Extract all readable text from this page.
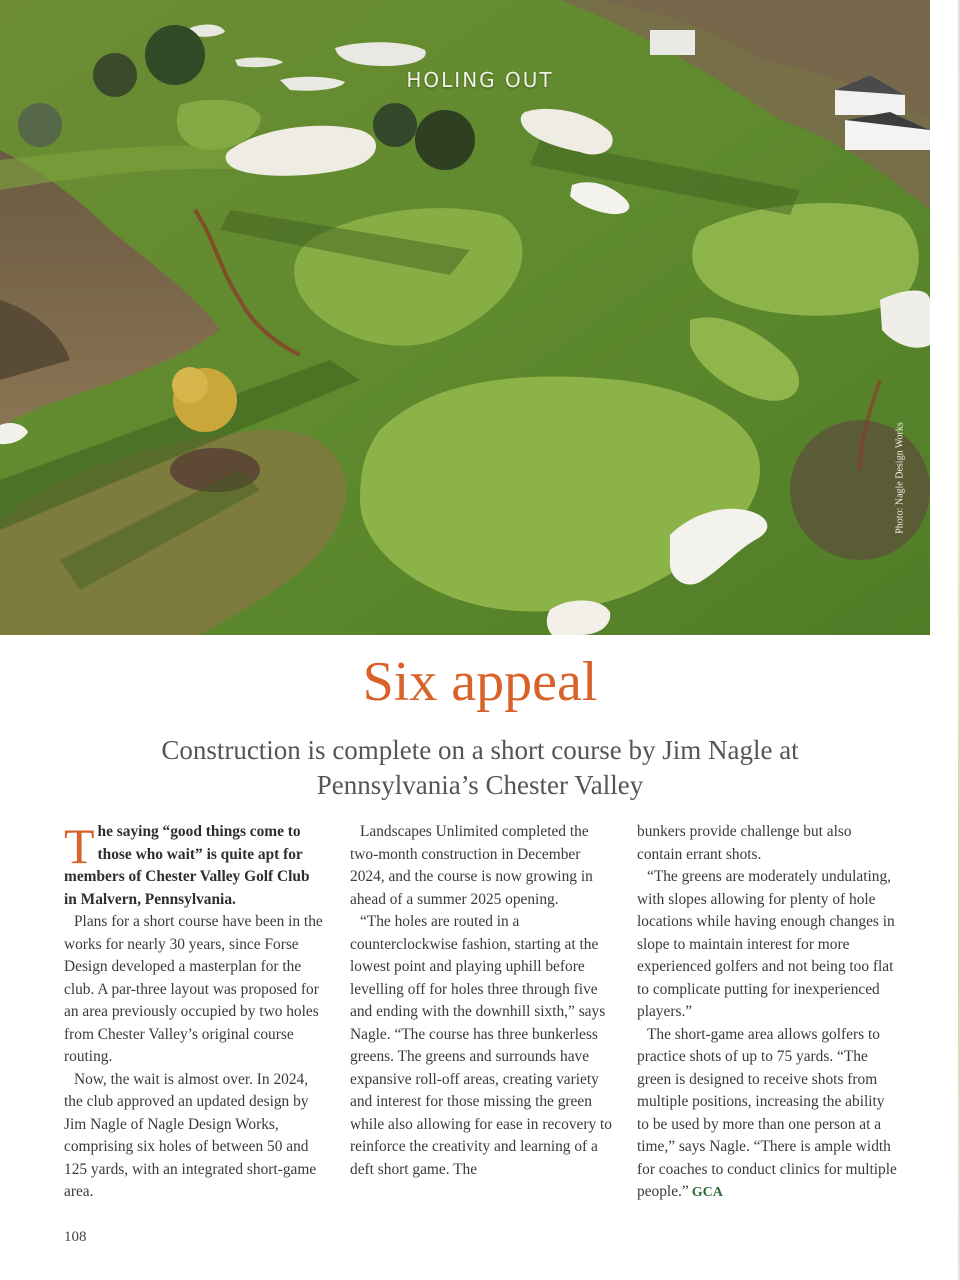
HOLING OUT
Photo: Nagle Design Works
Six appeal

Construction is complete on a short course by Jim Nagle at Pennsylvania’s Chester Valley

The saying “good things come to those who wait” is quite apt for members of Chester Valley Golf Club in Malvern, Pennsylvania.

Plans for a short course have been in the works for nearly 30 years, since Forse Design developed a masterplan for the club. A par-three layout was proposed for an area previously occupied by two holes from Chester Valley’s original course routing.

Now, the wait is almost over. In 2024, the club approved an updated design by Jim Nagle of Nagle Design Works, comprising six holes of between 50 and 125 yards, with an integrated short-game area.

Landscapes Unlimited completed the two-month construction in December 2024, and the course is now growing in ahead of a summer 2025 opening.

“The holes are routed in a counterclockwise fashion, starting at the lowest point and playing uphill before levelling off for holes three through five and ending with the downhill sixth,” says Nagle. “The course has three bunkerless greens. The greens and surrounds have expansive roll-off areas, creating variety and interest for those missing the green while also allowing for ease in recovery to reinforce the creativity and learning of a deft short game. The

bunkers provide challenge but also contain errant shots.

“The greens are moderately undulating, with slopes allowing for plenty of hole locations while having enough changes in slope to maintain interest for more experienced golfers and not being too flat to complicate putting for inexperienced players.”

The short-game area allows golfers to practice shots of up to 75 yards. “The green is designed to receive shots from multiple positions, increasing the ability to be used by more than one person at a time,” says Nagle. “There is ample width for coaches to conduct clinics for multiple people.” GCA

108
